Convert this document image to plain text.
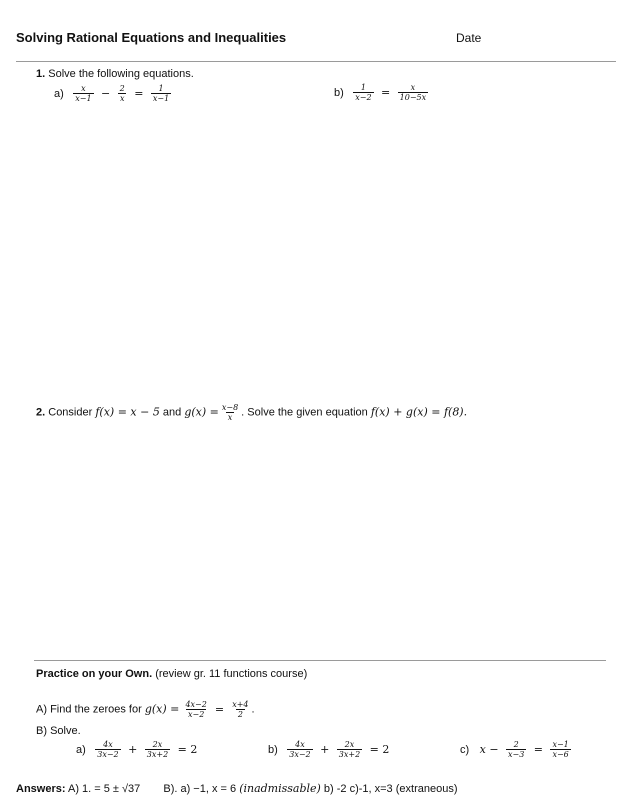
Solving Rational Equations and Inequalities	Date
1. Solve the following equations.
$a) \frac{x}{x-1} - \frac{2}{x} = \frac{1}{x-1}$	$b) \frac{1}{x-2} = \frac{x}{10-5x}$
2. Consider f(x) = x − 5 and $g(x) = \frac{x-8}{x}$ . Solve the given equation f(x) + g(x) = f(8).
Practice on your Own. (review gr. 11 functions course)
A) Find the zeroes for $g(x) = \frac{4x-2}{x-2} = \frac{x+4}{2}$ .
B) Solve.
$a) \frac{4x}{3x-2} + \frac{2x}{3x+2} = 2$	$b) \frac{4x}{3x-2} + \frac{2x}{3x+2} = 2$	c) $x - \frac{2}{x-3} = \frac{x-1}{x-6}$
Answers: A) 1. = 5 ± √37 B). a) −1, x = 6 (inadmissable) b) -2 c)-1, x=3 (extraneous)
